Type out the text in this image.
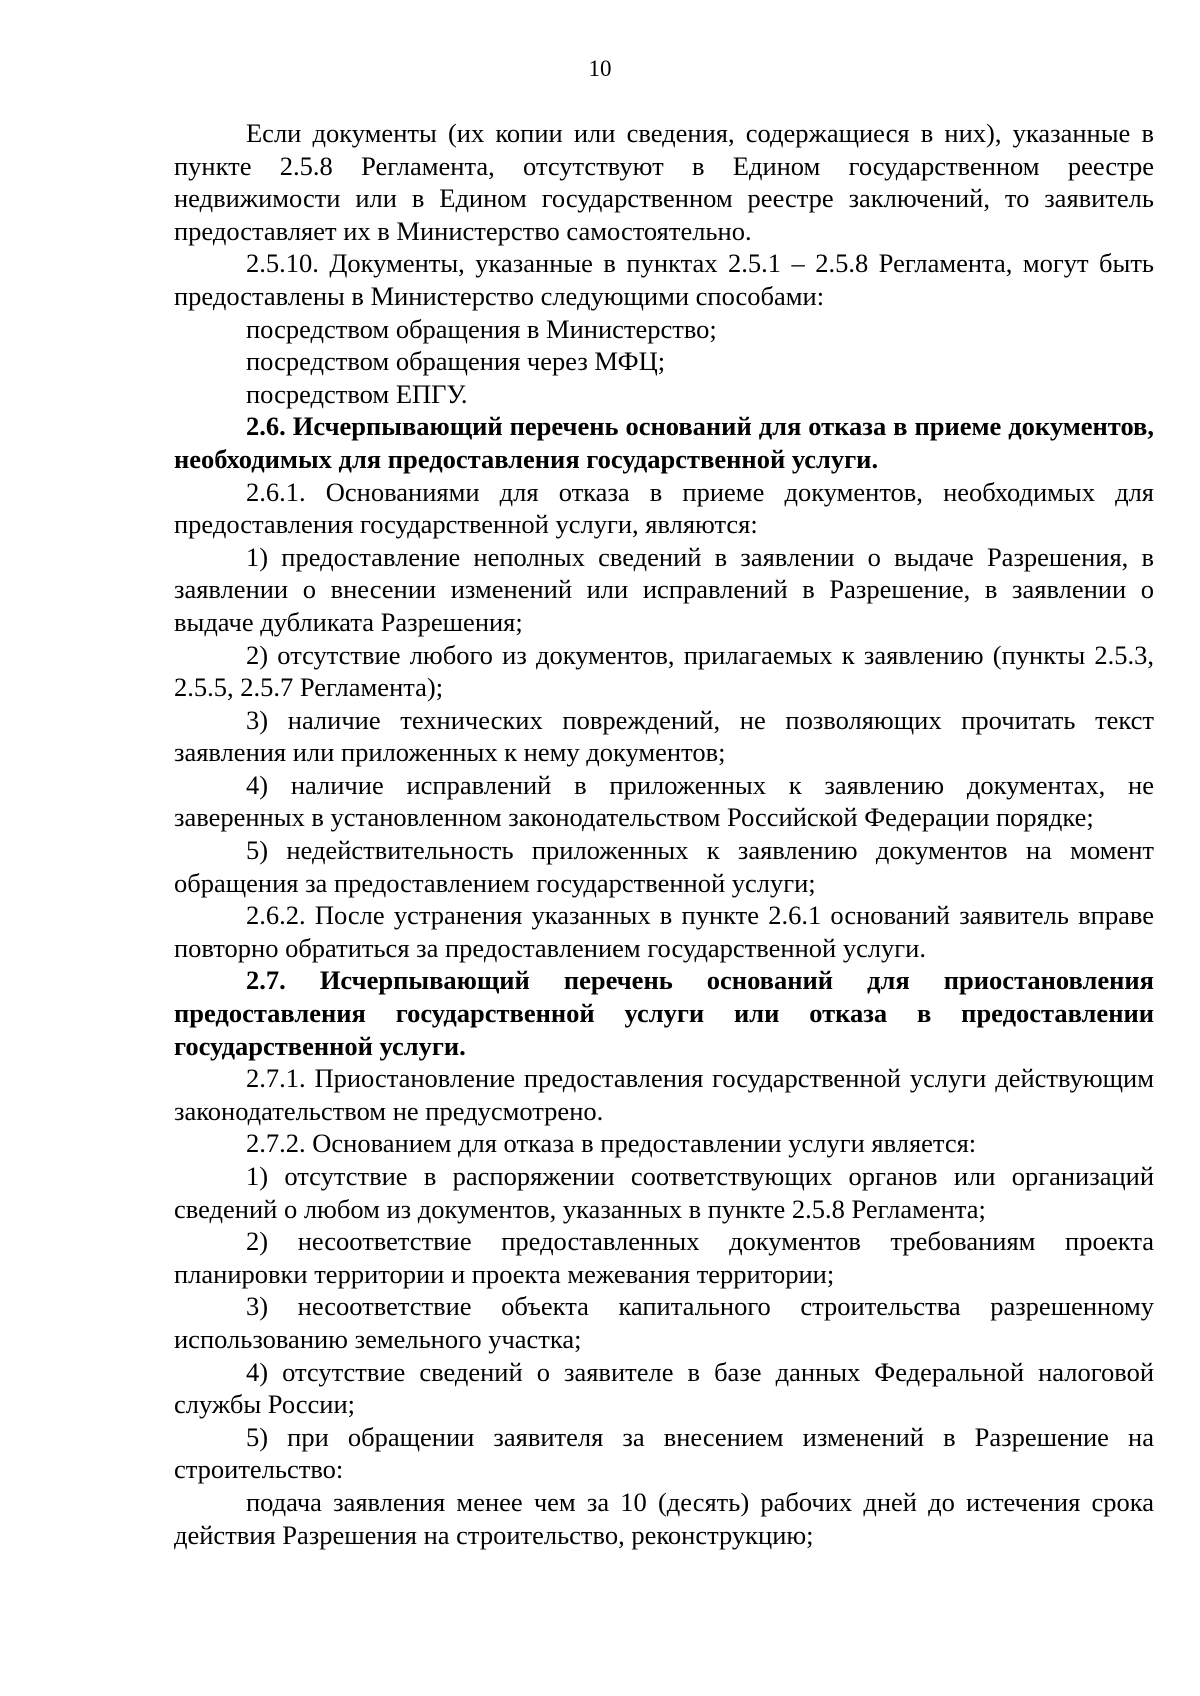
10

Если документы (их копии или сведения, содержащиеся в них), указанные в пункте 2.5.8 Регламента, отсутствуют в Едином государственном реестре недвижимости или в Едином государственном реестре заключений, то заявитель предоставляет их в Министерство самостоятельно.

2.5.10. Документы, указанные в пунктах 2.5.1 – 2.5.8 Регламента, могут быть предоставлены в Министерство следующими способами:

посредством обращения в Министерство;

посредством обращения через МФЦ;

посредством ЕПГУ.

2.6. Исчерпывающий перечень оснований для отказа в приеме документов, необходимых для предоставления государственной услуги.

2.6.1. Основаниями для отказа в приеме документов, необходимых для предоставления государственной услуги, являются:

1) предоставление неполных сведений в заявлении о выдаче Разрешения, в заявлении о внесении изменений или исправлений в Разрешение, в заявлении о выдаче дубликата Разрешения;

2) отсутствие любого из документов, прилагаемых к заявлению (пункты 2.5.3, 2.5.5, 2.5.7 Регламента);

3) наличие технических повреждений, не позволяющих прочитать текст заявления или приложенных к нему документов;

4) наличие исправлений в приложенных к заявлению документах, не заверенных в установленном законодательством Российской Федерации порядке;

5) недействительность приложенных к заявлению документов на момент обращения за предоставлением государственной услуги;

2.6.2. После устранения указанных в пункте 2.6.1 оснований заявитель вправе повторно обратиться за предоставлением государственной услуги.

2.7. Исчерпывающий перечень оснований для приостановления предоставления государственной услуги или отказа в предоставлении государственной услуги.

2.7.1. Приостановление предоставления государственной услуги действующим законодательством не предусмотрено.

2.7.2. Основанием для отказа в предоставлении услуги является:

1) отсутствие в распоряжении соответствующих органов или организаций сведений о любом из документов, указанных в пункте 2.5.8 Регламента;

2) несоответствие предоставленных документов требованиям проекта планировки территории и проекта межевания территории;

3) несоответствие объекта капитального строительства разрешенному использованию земельного участка;

4) отсутствие сведений о заявителе в базе данных Федеральной налоговой службы России;

5) при обращении заявителя за внесением изменений в Разрешение на строительство:

подача заявления менее чем за 10 (десять) рабочих дней до истечения срока действия Разрешения на строительство, реконструкцию;
